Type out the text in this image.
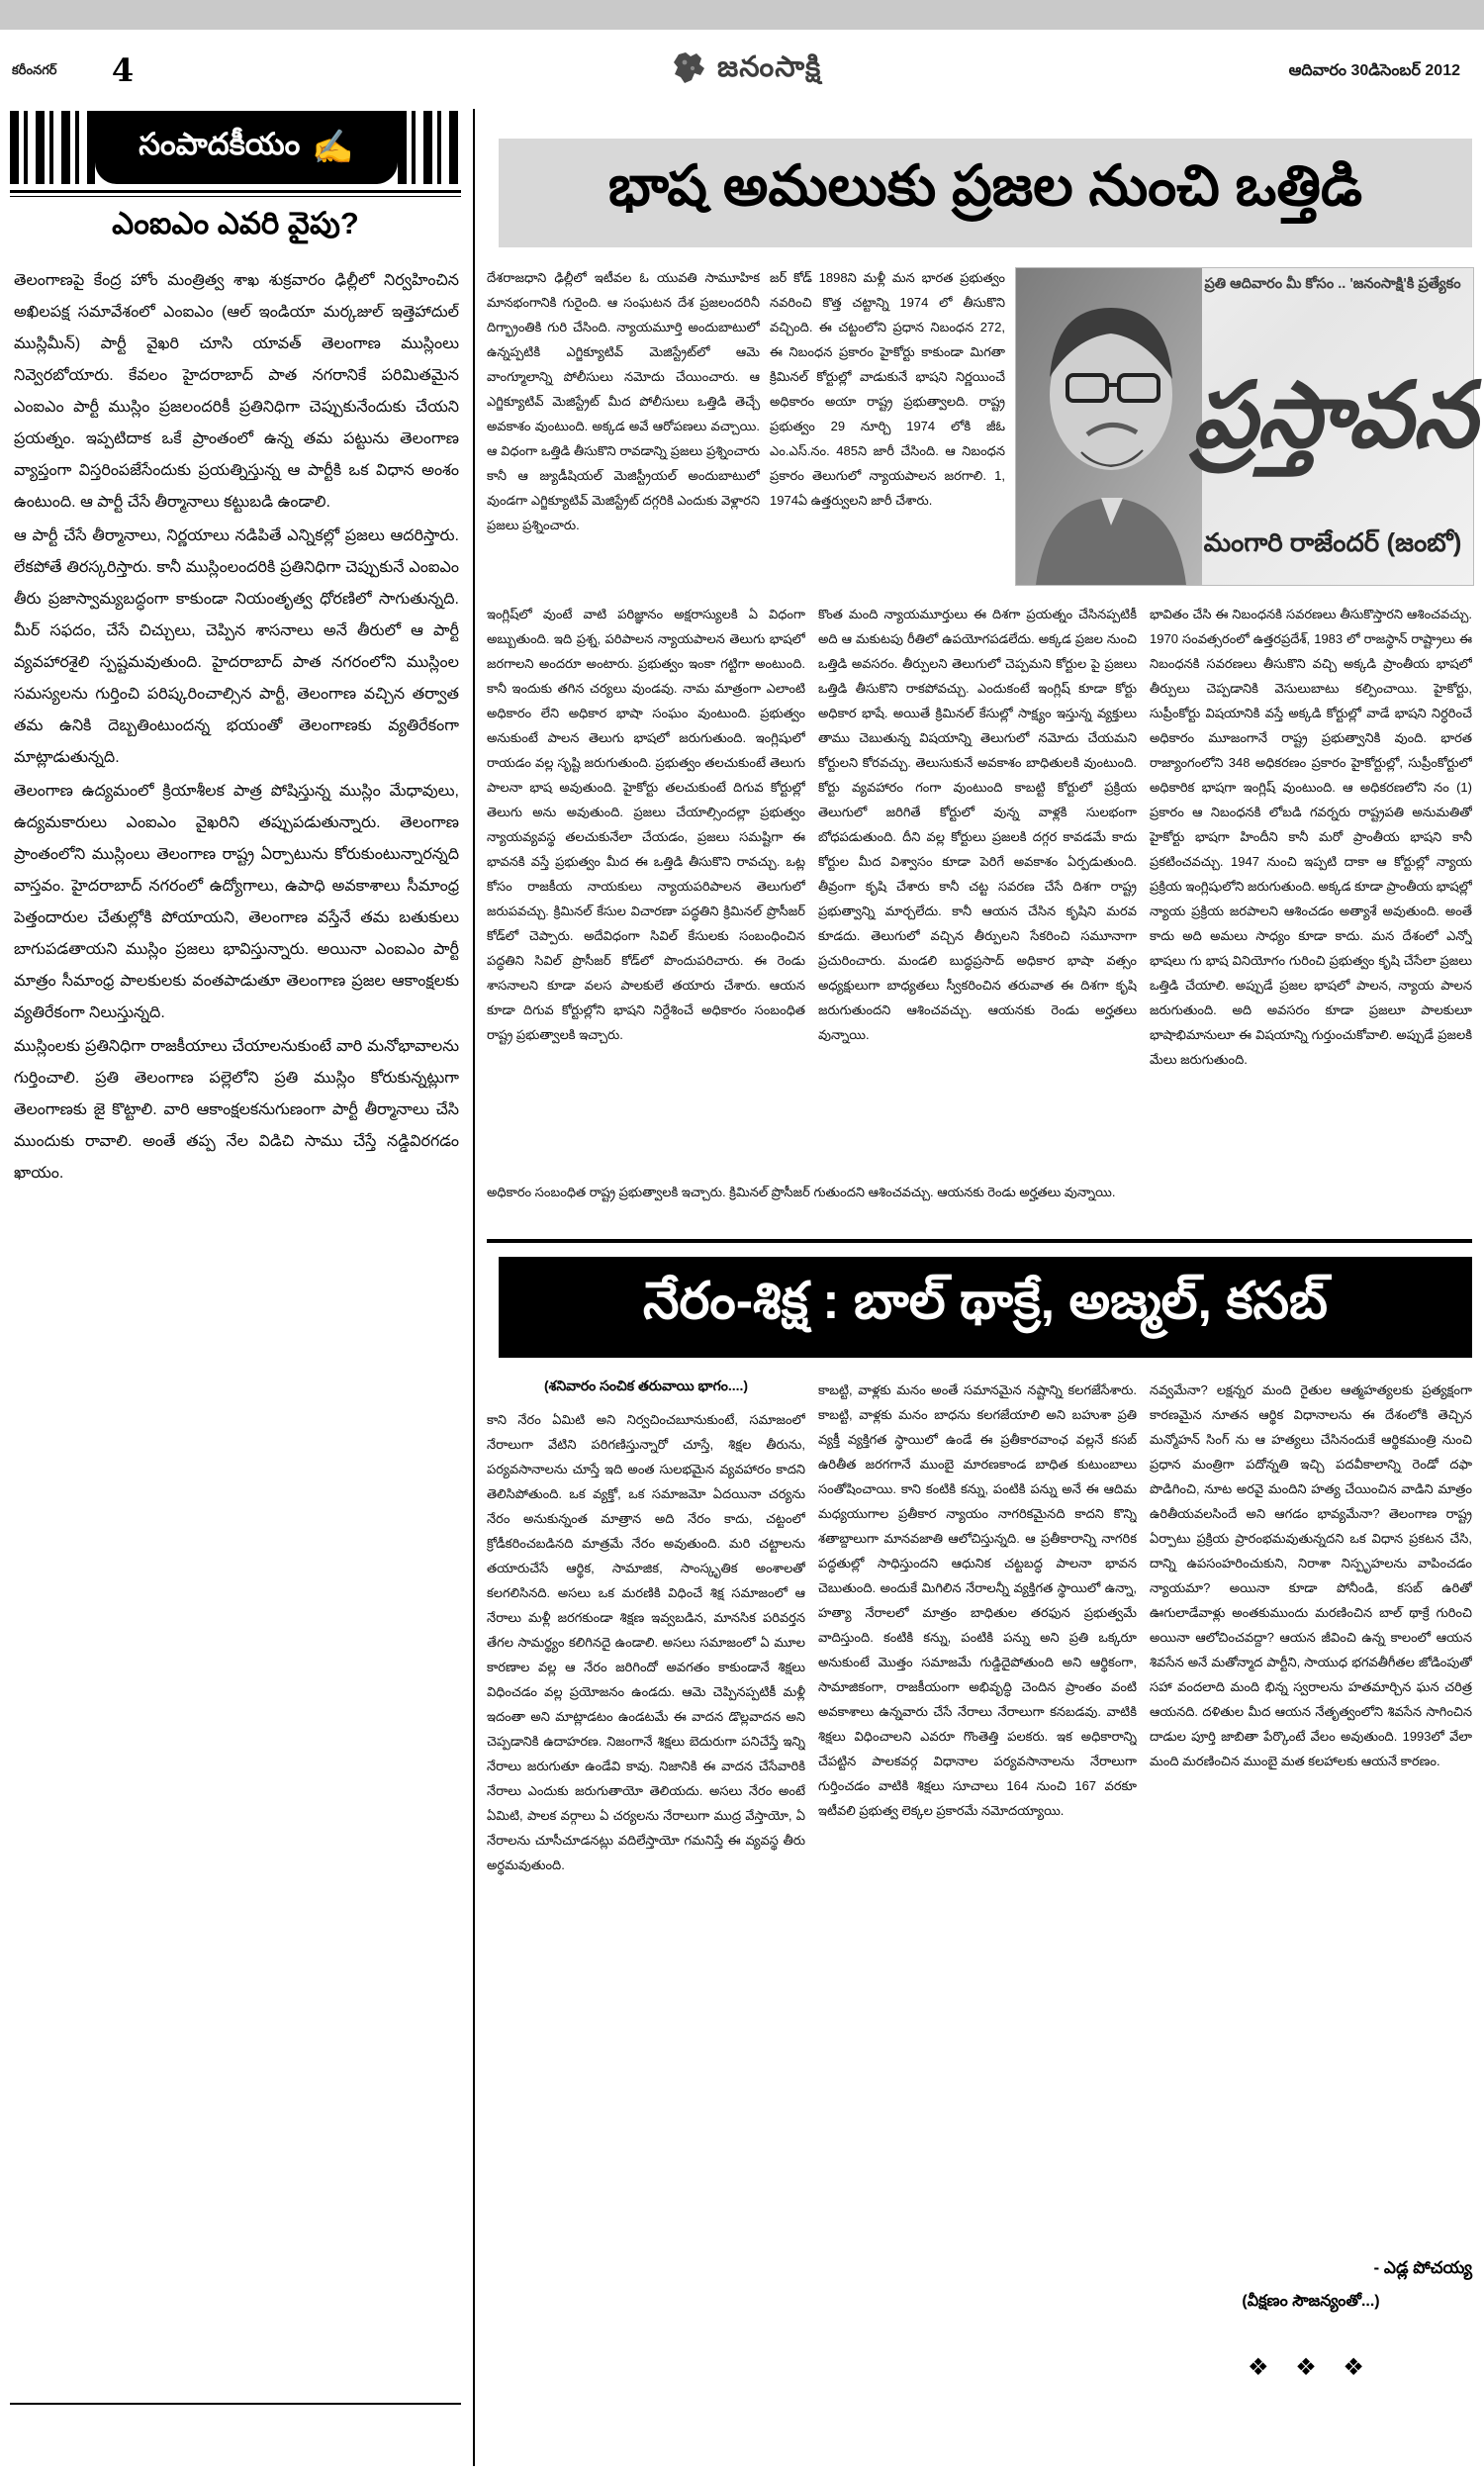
కరీంనగర్	4	జనంసాక్షి	ఆదివారం 30డిసెంబర్ 2012
సంపాదకీయం ✍
ఎంఐఎం ఎవరి వైపు?

తెలంగాణపై కేంద్ర హోం మంత్రిత్వ శాఖ శుక్రవారం ఢిల్లీలో నిర్వహించిన అఖిలపక్ష సమావేశంలో ఎంఐఎం (ఆల్ ఇండియా మర్కజుల్ ఇత్తెహాదుల్ ముస్లిమీన్) పార్టీ వైఖరి చూసి యావత్ తెలంగాణ ముస్లింలు నివ్వెరబోయారు. కేవలం హైదరాబాద్ పాత నగరానికే పరిమితమైన ఎంఐఎం పార్టీ ముస్లిం ప్రజలందరికీ ప్రతినిధిగా చెప్పుకునేందుకు చేయని ప్రయత్నం. ఇప్పటిదాక ఒకే ప్రాంతంలో ఉన్న తమ పట్టును తెలంగాణ వ్యాప్తంగా విస్తరింపజేసేందుకు ప్రయత్నిస్తున్న ఆ పార్టీకి ఒక విధాన అంశం ఉంటుంది. ఆ పార్టీ చేసే తీర్మానాలు కట్టుబడి ఉండాలి.

ఆ పార్టీ చేసే తీర్మానాలు, నిర్ణయాలు నడిపితే ఎన్నికల్లో ప్రజలు ఆదరిస్తారు. లేకపోతే తిరస్కరిస్తారు. కానీ ముస్లింలందరికి ప్రతినిధిగా చెప్పుకునే ఎంఐఎం తీరు ప్రజాస్వామ్యబద్ధంగా కాకుండా నియంతృత్వ ధోరణిలో సాగుతున్నది. మీర్ సఫదం, చేసే చిచ్చులు, చెప్పిన శాసనాలు అనే తీరులో ఆ పార్టీ వ్యవహారశైలి స్పష్టమవుతుంది. హైదరాబాద్ పాత నగరంలోని ముస్లింల సమస్యలను గుర్తించి పరిష్కరించాల్సిన పార్టీ, తెలంగాణ వచ్చిన తర్వాత తమ ఉనికి దెబ్బతింటుందన్న భయంతో తెలంగాణకు వ్యతిరేకంగా మాట్లాడుతున్నది.

తెలంగాణ ఉద్యమంలో క్రియాశీలక పాత్ర పోషిస్తున్న ముస్లిం మేధావులు, ఉద్యమకారులు ఎంఐఎం వైఖరిని తప్పుపడుతున్నారు. తెలంగాణ ప్రాంతంలోని ముస్లింలు తెలంగాణ రాష్ట్ర ఏర్పాటును కోరుకుంటున్నారన్నది వాస్తవం. హైదరాబాద్ నగరంలో ఉద్యోగాలు, ఉపాధి అవకాశాలు సీమాంధ్ర పెత్తందారుల చేతుల్లోకి పోయాయని, తెలంగాణ వస్తేనే తమ బతుకులు బాగుపడతాయని ముస్లిం ప్రజలు భావిస్తున్నారు. అయినా ఎంఐఎం పార్టీ మాత్రం సీమాంధ్ర పాలకులకు వంతపాడుతూ తెలంగాణ ప్రజల ఆకాంక్షలకు వ్యతిరేకంగా నిలుస్తున్నది.

ముస్లింలకు ప్రతినిధిగా రాజకీయాలు చేయాలనుకుంటే వారి మనోభావాలను గుర్తించాలి. ప్రతి తెలంగాణ పల్లెలోని ప్రతి ముస్లిం కోరుకున్నట్లుగా తెలంగాణకు జై కొట్టాలి. వారి ఆకాంక్షలకనుగుణంగా పార్టీ తీర్మానాలు చేసి ముందుకు రావాలి. అంతే తప్ప నేల విడిచి సాము చేస్తే నడ్డివిరగడం ఖాయం.

భాష అమలుకు ప్రజల నుంచి ఒత్తిడి
దేశరాజధాని ఢిల్లీలో ఇటీవల ఓ యువతి సామూహిక మానభంగానికి గురైంది. ఆ సంఘటన దేశ ప్రజలందరినీ దిగ్భ్రాంతికి గురి చేసింది. న్యాయమూర్తి అందుబాటులో ఉన్నప్పటికి ఎగ్జిక్యూటివ్ మెజిస్ట్రేట్‌లో ఆమె వాంగ్మూలాన్ని పోలీసులు నమోదు చేయించారు. ఆ ఎగ్జిక్యూటివ్ మెజిస్ట్రేట్ మీద పోలీసులు ఒత్తిడి తెచ్చే అవకాశం వుంటుంది. అక్కడ అవే ఆరోపణలు వచ్చాయి. ఆ విధంగా ఒత్తిడి తీసుకొని రావడాన్ని ప్రజలు ప్రశ్నించారు కానీ ఆ జ్యుడీషియల్ మెజిస్ట్రీయల్ అందుబాటులో వుండగా ఎగ్జిక్యూటివ్ మెజిస్ట్రేట్ దగ్గరికి ఎందుకు వెళ్లారని ప్రజలు ప్రశ్నించారు.
జర్ కోడ్ 1898ని మళ్లీ మన భారత ప్రభుత్వం నవరించి కొత్త చట్టాన్ని 1974 లో తీసుకొని వచ్చింది. ఈ చట్టంలోని ప్రధాన నిబంధన 272, ఈ నిబంధన ప్రకారం హైకోర్టు కాకుండా మిగతా క్రిమినల్ కోర్టుల్లో వాడుకునే భాషని నిర్ణయించే అధికారం అయా రాష్ట్ర ప్రభుత్వాలది. రాష్ట్ర ప్రభుత్వం 29 నూర్చి 1974 లోకి జీఓ ఎం.ఎస్.నం. 485ని జారీ చేసింది. ఆ నిబంధన ప్రకారం తెలుగులో న్యాయపాలన జరగాలి. 1, 1974ఏ ఉత్తర్వులని జారీ చేశారు.
ప్రతి ఆదివారం మీ కోసం .. 'జనంసాక్షి'కి ప్రత్యేకం
ప్రస్తావన
మంగారి రాజేందర్ (జంబో)
ఇంగ్లిష్‌లో వుంటే వాటి పరిజ్ఞానం అక్షరాస్యులకి ఏ విధంగా అబ్బుతుంది. ఇది ప్రశ్న, పరిపాలన న్యాయపాలన తెలుగు భాషలో జరగాలని అందరూ అంటారు. ప్రభుత్వం ఇంకా గట్టిగా అంటుంది. కానీ ఇందుకు తగిన చర్యలు వుండవు. నామ మాత్రంగా ఎలాంటి అధికారం లేని అధికార భాషా సంఘం వుంటుంది. ప్రభుత్వం అనుకుంటే పాలన తెలుగు భాషలో జరుగుతుంది. ఇంగ్లిషులో రాయడం వల్ల సృష్టి జరుగుతుంది. ప్రభుత్వం తలచుకుంటే తెలుగు పాలనా భాష అవుతుంది. హైకోర్టు తలచుకుంటే దిగువ కోర్టుల్లో తెలుగు అను అవుతుంది. ప్రజలు చేయాల్సిందల్లా ప్రభుత్వం న్యాయవ్యవస్థ తలచుకునేలా చేయడం, ప్రజలు సమష్టిగా ఈ భావనకి వస్తే ప్రభుత్వం మీద ఈ ఒత్తిడి తీసుకొని రావచ్చు. ఒట్ల కోసం రాజకీయ నాయకులు న్యాయపరిపాలన తెలుగులో జరుపవచ్చు. క్రిమినల్ కేసుల విచారణా పద్ధతిని క్రిమినల్ ప్రొసీజర్ కోడ్‌లో చెప్పారు. అదేవిధంగా సివిల్ కేసులకు సంబంధించిన పద్ధతిని సివిల్ ప్రొసీజర్ కోడ్‌లో పొందుపరిచారు. ఈ రెండు శాసనాలని కూడా వలస పాలకులే తయారు చేశారు. ఆయన కూడా దిగువ కోర్టుల్లోని భాషని నిర్దేశించే అధికారం సంబంధిత రాష్ట్ర ప్రభుత్వాలకి ఇచ్చారు.
కొంత మంది న్యాయమూర్తులు ఈ దిశగా ప్రయత్నం చేసినప్పటికీ అది ఆ మకుటపు రీతిలో ఉపయోగపడలేదు. అక్కడ ప్రజల నుంచి ఒత్తిడి అవసరం. తీర్పులని తెలుగులో చెప్పమని కోర్టుల పై ప్రజలు ఒత్తిడి తీసుకొని రాకపోవచ్చు. ఎందుకంటే ఇంగ్లిష్ కూడా కోర్టు అధికార భాషే. అయితే క్రిమినల్ కేసుల్లో సాక్ష్యం ఇస్తున్న వ్యక్తులు తాము చెబుతున్న విషయాన్ని తెలుగులో నమోదు చేయమని కోర్టులని కోరవచ్చు. తెలుసుకునే అవకాశం బాధితులకి వుంటుంది. కోర్టు వ్యవహారం గంగా వుంటుంది కాబట్టి కోర్టులో ప్రక్రియ తెలుగులో జరిగితే కోర్టులో వున్న వాళ్లకి సులభంగా బోధపడుతుంది. దీని వల్ల కోర్టులు ప్రజలకి దగ్గర కావడమే కాదు కోర్టుల మీద విశ్వాసం కూడా పెరిగే అవకాశం ఏర్పడుతుంది. తీవ్రంగా కృషి చేశారు కానీ చట్ట సవరణ చేసే దిశగా రాష్ట్ర ప్రభుత్వాన్ని మార్చలేదు. కానీ ఆయన చేసిన కృషిని మరవ కూడదు. తెలుగులో వచ్చిన తీర్పులని సేకరించి సమూనాగా ప్రచురించారు. మండలి బుద్ధప్రసాద్ అధికార భాషా వత్సం అధ్యక్షులుగా బాధ్యతలు స్వీకరించిన తరువాత ఈ దిశగా కృషి జరుగుతుందని ఆశించవచ్చు. ఆయనకు రెండు అర్హతలు వున్నాయి.
భావితం చేసి ఈ నిబంధనకి సవరణలు తీసుకొస్తారని ఆశించవచ్చు. 1970 సంవత్సరంలో ఉత్తరప్రదేశ్, 1983 లో రాజస్థాన్ రాష్ట్రాలు ఈ నిబంధనకి సవరణలు తీసుకొని వచ్చి అక్కడి ప్రాంతీయ భాషలో తీర్పులు చెప్పడానికి వెసులుబాటు కల్పించాయి. హైకోర్టు, సుప్రీంకోర్టు విషయానికి వస్తే అక్కడి కోర్టుల్లో వాడే భాషని నిర్ధరించే అధికారం మూజంగానే రాష్ట్ర ప్రభుత్వానికి వుంది. భారత రాజ్యాంగంలోని 348 అధికరణం ప్రకారం హైకోర్టుల్లో, సుప్రీంకోర్టులో అధికారిక భాషగా ఇంగ్లిష్ వుంటుంది. ఆ అధికరణలోని నం (1) ప్రకారం ఆ నిబంధనకి లోబడి గవర్నరు రాష్ట్రపతి అనుమతితో హైకోర్టు భాషగా హిందీని కానీ మరో ప్రాంతీయ భాషని కానీ ప్రకటించవచ్చు. 1947 నుంచి ఇప్పటి దాకా ఆ కోర్టుల్లో న్యాయ ప్రక్రియ ఇంగ్లిషులోని జరుగుతుంది. అక్కడ కూడా ప్రాంతీయ భాషల్లో న్యాయ ప్రక్రియ జరపాలని ఆశించడం అత్యాశే అవుతుంది. అంతే కాదు అది అమలు సాధ్యం కూడా కాదు. మన దేశంలో ఎన్నో భాషలు గు భాష వినియోగం గురించి ప్రభుత్వం కృషి చేసేలా ప్రజలు ఒత్తిడి చేయాలి. అప్పుడే ప్రజల భాషలో పాలన, న్యాయ పాలన జరుగుతుంది. అది అవసరం కూడా ప్రజలూ పాలకులూ భాషాభిమానులూ ఈ విషయాన్ని గుర్తుంచుకోవాలి. అప్పుడే ప్రజలకి మేలు జరుగుతుంది.
అధికారం సంబంధిత రాష్ట్ర ప్రభుత్వాలకి ఇచ్చారు. క్రిమినల్ ప్రొసీజర్ గుతుందని ఆశించవచ్చు. ఆయనకు రెండు అర్హతలు వున్నాయి.
నేరం-శిక్ష : బాల్ థాక్రే, అజ్మల్, కసబ్
(శనివారం సంచిక తరువాయి భాగం....)
కాని నేరం ఏమిటి అని నిర్వచించబూనుకుంటే, సమాజంలో నేరాలుగా వేటిని పరిగణిస్తున్నారో చూస్తే, శిక్షల తీరును, పర్యవసానాలను చూస్తే ఇది అంత సులభమైన వ్యవహారం కాదని తెలిసిపోతుంది. ఒక వ్యక్తో, ఒక సమాజమో ఏదయినా చర్యను నేరం అనుకున్నంత మాత్రాన అది నేరం కాదు, చట్టంలో క్రోడీకరించబడినది మాత్రమే నేరం అవుతుంది. మరి చట్టాలను తయారుచేసే ఆర్థిక, సామాజిక, సాంస్కృతిక అంశాలతో కలగలిసినది. అసలు ఒక మరణికి విధించే శిక్ష సమాజంలో ఆ నేరాలు మళ్లీ జరగకుండా శిక్షణ ఇవ్వబడిన, మానసిక పరివర్తన తేగల సామర్థ్యం కలిగినదై ఉండాలి. అసలు సమాజంలో ఏ మూల కారణాల వల్ల ఆ నేరం జరిగిందో అవగతం కాకుండానే శిక్షలు విధించడం వల్ల ప్రయోజనం ఉండదు. ఆమె చెప్పినప్పటికీ మళ్లీ ఇదంతా అని మాట్లాడటం ఉండటమే ఈ వాదన డొల్లవాదన అని చెప్పడానికి ఉదాహరణ. నిజంగానే శిక్షలు బెదురుగా పనిచేస్తే ఇన్ని నేరాలు జరుగుతూ ఉండేవి కావు. నిజానికి ఈ వాదన చేసేవారికి నేరాలు ఎందుకు జరుగుతాయో తెలియదు. అసలు నేరం అంటే ఏమిటి, పాలక వర్గాలు ఏ చర్యలను నేరాలుగా ముద్ర వేస్తాయో, ఏ నేరాలను చూసీచూడనట్లు వదిలేస్తాయో గమనిస్తే ఈ వ్యవస్థ తీరు అర్థమవుతుంది.
కాబట్టి, వాళ్లకు మనం అంతే సమానమైన నష్టాన్ని కలగజేసేశారు. కాబట్టి, వాళ్లకు మనం బాధను కలగజేయాలి అని బహుశా ప్రతి వ్యక్తీ వ్యక్తిగత స్థాయిలో ఉండే ఈ ప్రతీకారవాంఛ వల్లనే కసబ్ ఉరితీత జరగగానే ముంబై మారణకాండ బాధిత కుటుంబాలు సంతోషించాయి. కాని కంటికి కన్ను, పంటికి పన్ను అనే ఈ ఆదిమ మధ్యయుగాల ప్రతీకార న్యాయం నాగరికమైనది కాదని కొన్ని శతాబ్దాలుగా మానవజాతి ఆలోచిస్తున్నది. ఆ ప్రతీకారాన్ని నాగరిక పద్ధతుల్లో సాధిస్తుందని ఆధునిక చట్టబద్ధ పాలనా భావన చెబుతుంది. అందుకే మిగిలిన నేరాలన్నీ వ్యక్తిగత స్థాయిలో ఉన్నా, హత్యా నేరాలలో మాత్రం బాధితుల తరఫున ప్రభుత్వమే వాదిస్తుంది. కంటికి కన్ను, పంటికి పన్ను అని ప్రతి ఒక్కరూ అనుకుంటే మొత్తం సమాజమే గుడ్డిదైపోతుంది అని ఆర్థికంగా, సామాజికంగా, రాజకీయంగా అభివృద్ధి చెందిన ప్రాంతం వంటి అవకాశాలు ఉన్నవారు చేసే నేరాలు నేరాలుగా కనబడవు. వాటికి శిక్షలు విధించాలని ఎవరూ గొంతెత్తి పలకరు. ఇక అధికారాన్ని చేపట్టిన పాలకవర్గ విధానాల పర్యవసానాలను నేరాలుగా గుర్తించడం వాటికి శిక్షలు సూచాలు 164 నుంచి 167 వరకూ ఇటీవలి ప్రభుత్వ లెక్కల ప్రకారమే నమోదయ్యాయి.
నవ్వమేనా? లక్షన్నర మంది రైతుల ఆత్మహత్యలకు ప్రత్యక్షంగా కారణమైన నూతన ఆర్థిక విధానాలను ఈ దేశంలోకి తెచ్చిన మన్మోహన్ సింగ్ ను ఆ హత్యలు చేసినందుకే ఆర్థికమంత్రి నుంచి ప్రధాన మంత్రిగా పదోన్నతి ఇచ్చి పదవీకాలాన్ని రెండో దఫా పొడిగించి, నూట అరవై మందిని హత్య చేయించిన వాడిని మాత్రం ఉరితీయవలసిందే అని ఆగడం భావ్యమేనా? తెలంగాణ రాష్ట్ర ఏర్పాటు ప్రక్రియ ప్రారంభమవుతున్నదని ఒక విధాన ప్రకటన చేసి, దాన్ని ఉపసంహరించుకుని, నిరాశా నిస్పృహలను వాపించడం న్యాయమా? అయినా కూడా పోనీండి, కసబ్ ఉరితో ఊగులాడేవాళ్లు అంతకుముందు మరణించిన బాల్ థాక్రే గురించి అయినా ఆలోచించవద్దా? ఆయన జీవించి ఉన్న కాలంలో ఆయన శివసేన అనే మతోన్మాద పార్టీని, సాయుధ భగవతీగీతల జోడింపుతో సహా వందలాది మంది భిన్న స్వరాలను హతమార్చిన ఘన చరిత్ర ఆయనది. దళితుల మీద ఆయన నేతృత్వంలోని శివసేన సాగించిన దాడుల పూర్తి జాబితా పేర్కొంటే వేలం అవుతుంది. 1993లో వేలా మంది మరణించిన ముంబై మత కలహాలకు ఆయనే కారణం.
- ఎడ్ల పోచయ్య
(వీక్షణం సౌజన్యంతో...)
❖ ❖ ❖
